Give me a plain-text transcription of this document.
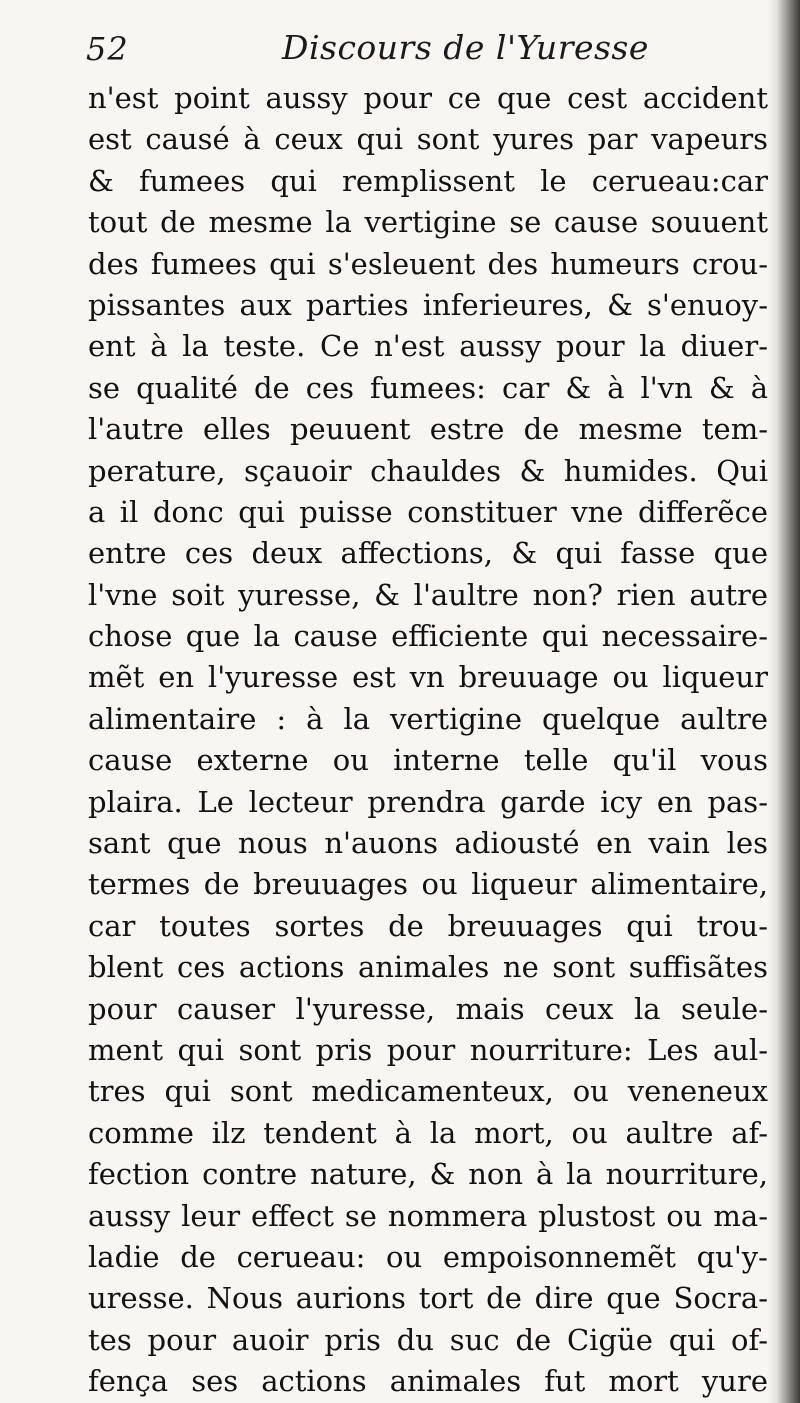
52	Discours de l'Yuresse
n'est point aussy pour ce que cest accident
est causé à ceux qui sont yures par vapeurs
& fumees qui remplissent le cerueau:car
tout de mesme la vertigine se cause souuent
des fumees qui s'esleuent des humeurs crou-
pissantes aux parties inferieures, & s'enuoy-
ent à la teste. Ce n'est aussy pour la diuer-
se qualité de ces fumees: car & à l'vn & à
l'autre elles peuuent estre de mesme tem-
perature, sçauoir chauldes & humides. Qui
a il donc qui puisse constituer vne differẽce
entre ces deux affections, & qui fasse que
l'vne soit yuresse, & l'aultre non? rien autre
chose que la cause efficiente qui necessaire-
mẽt en l'yuresse est vn breuuage ou liqueur
alimentaire : à la vertigine quelque aultre
cause externe ou interne telle qu'il vous
plaira. Le lecteur prendra garde icy en pas-
sant que nous n'auons adiousté en vain les
termes de breuuages ou liqueur alimentaire,
car toutes sortes de breuuages qui trou-
blent ces actions animales ne sont suffisãtes
pour causer l'yuresse, mais ceux la seule-
ment qui sont pris pour nourriture: Les aul-
tres qui sont medicamenteux, ou veneneux
comme ilz tendent à la mort, ou aultre af-
fection contre nature, & non à la nourriture,
aussy leur effect se nommera plustost ou ma-
ladie de cerueau: ou empoisonnemẽt qu'y-
uresse. Nous aurions tort de dire que Socra-
tes pour auoir pris du suc de Cigüe qui of-
fença ses actions animales fut mort yure
